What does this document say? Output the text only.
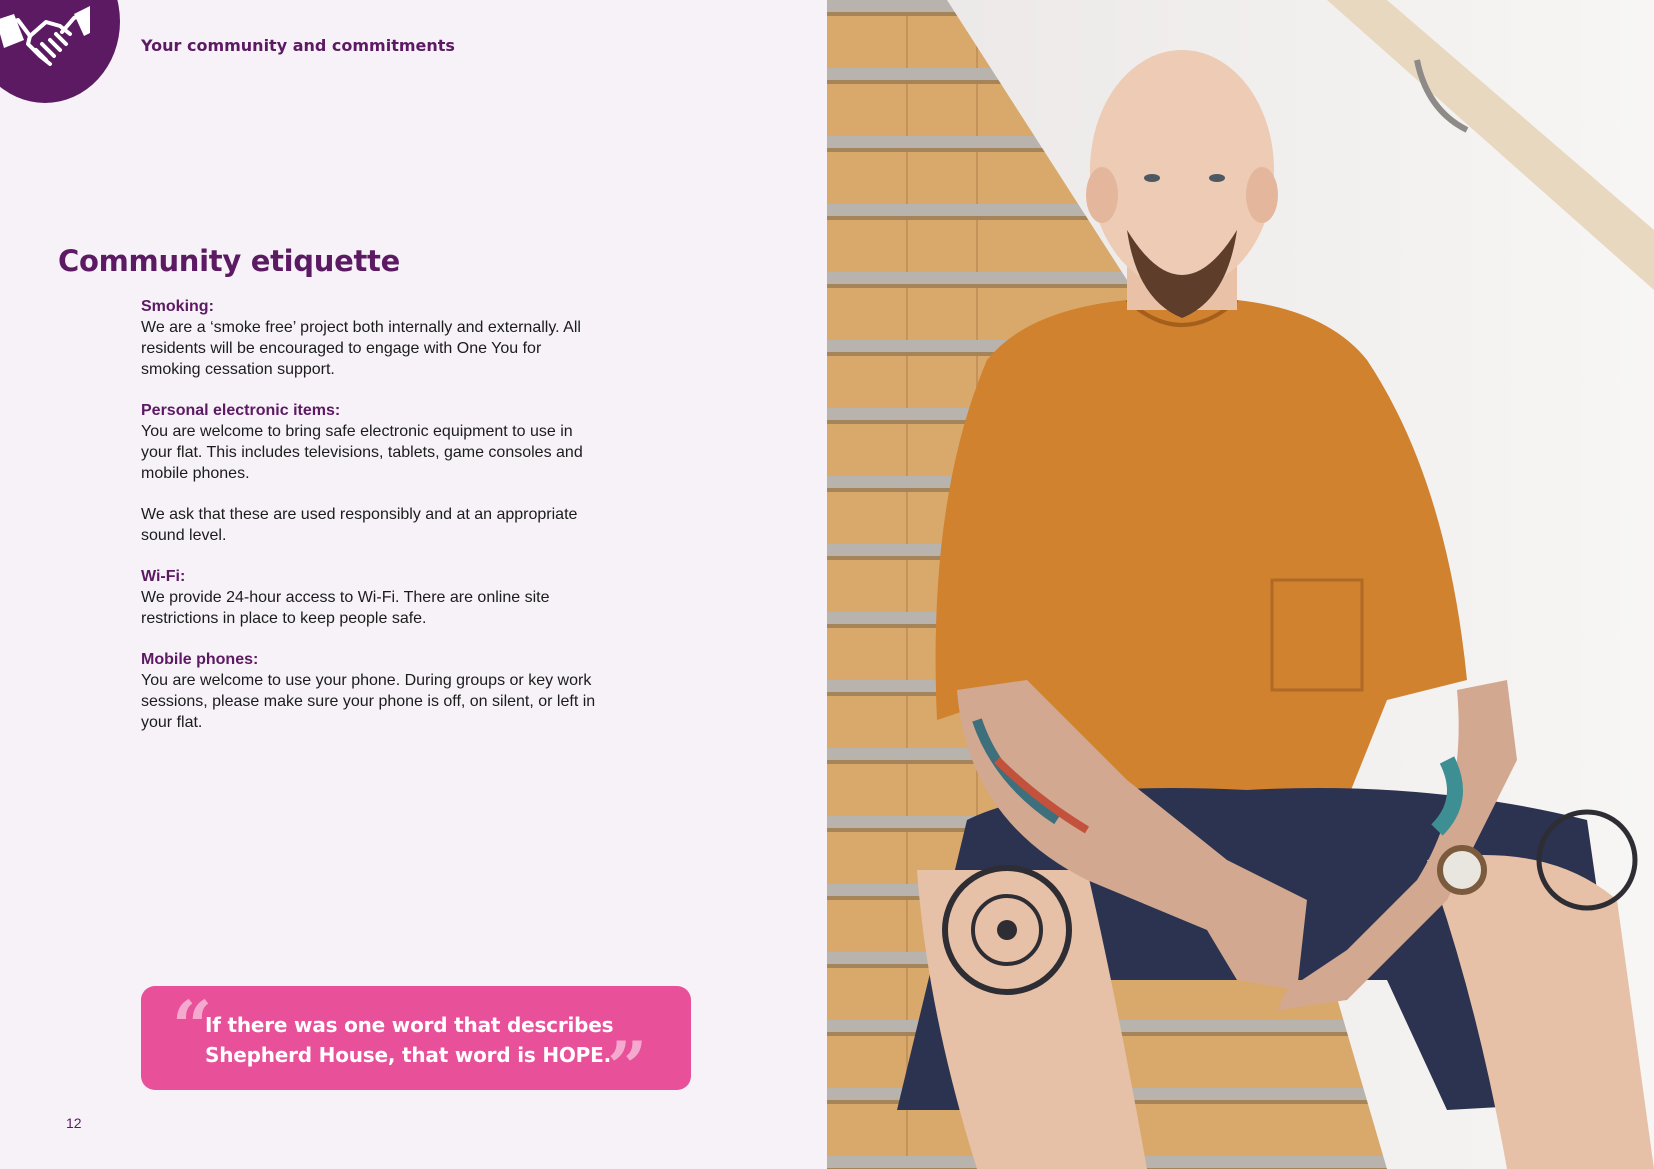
Your community and commitments
Community etiquette
Smoking:

We are a ‘smoke free’ project both internally and externally. All residents will be encouraged to engage with One You for smoking cessation support.

Personal electronic items:

You are welcome to bring safe electronic equipment to use in your flat. This includes televisions, tablets, game consoles and mobile phones.

We ask that these are used responsibly and at an appropriate sound level.

Wi-Fi:

We provide 24-hour access to Wi-Fi. There are online site restrictions in place to keep people safe.

Mobile phones:

You are welcome to use your phone. During groups or key work sessions, please make sure your phone is off, on silent, or left in your flat.

“
If there was one word that describes Shepherd House, that word is HOPE.
”
12
